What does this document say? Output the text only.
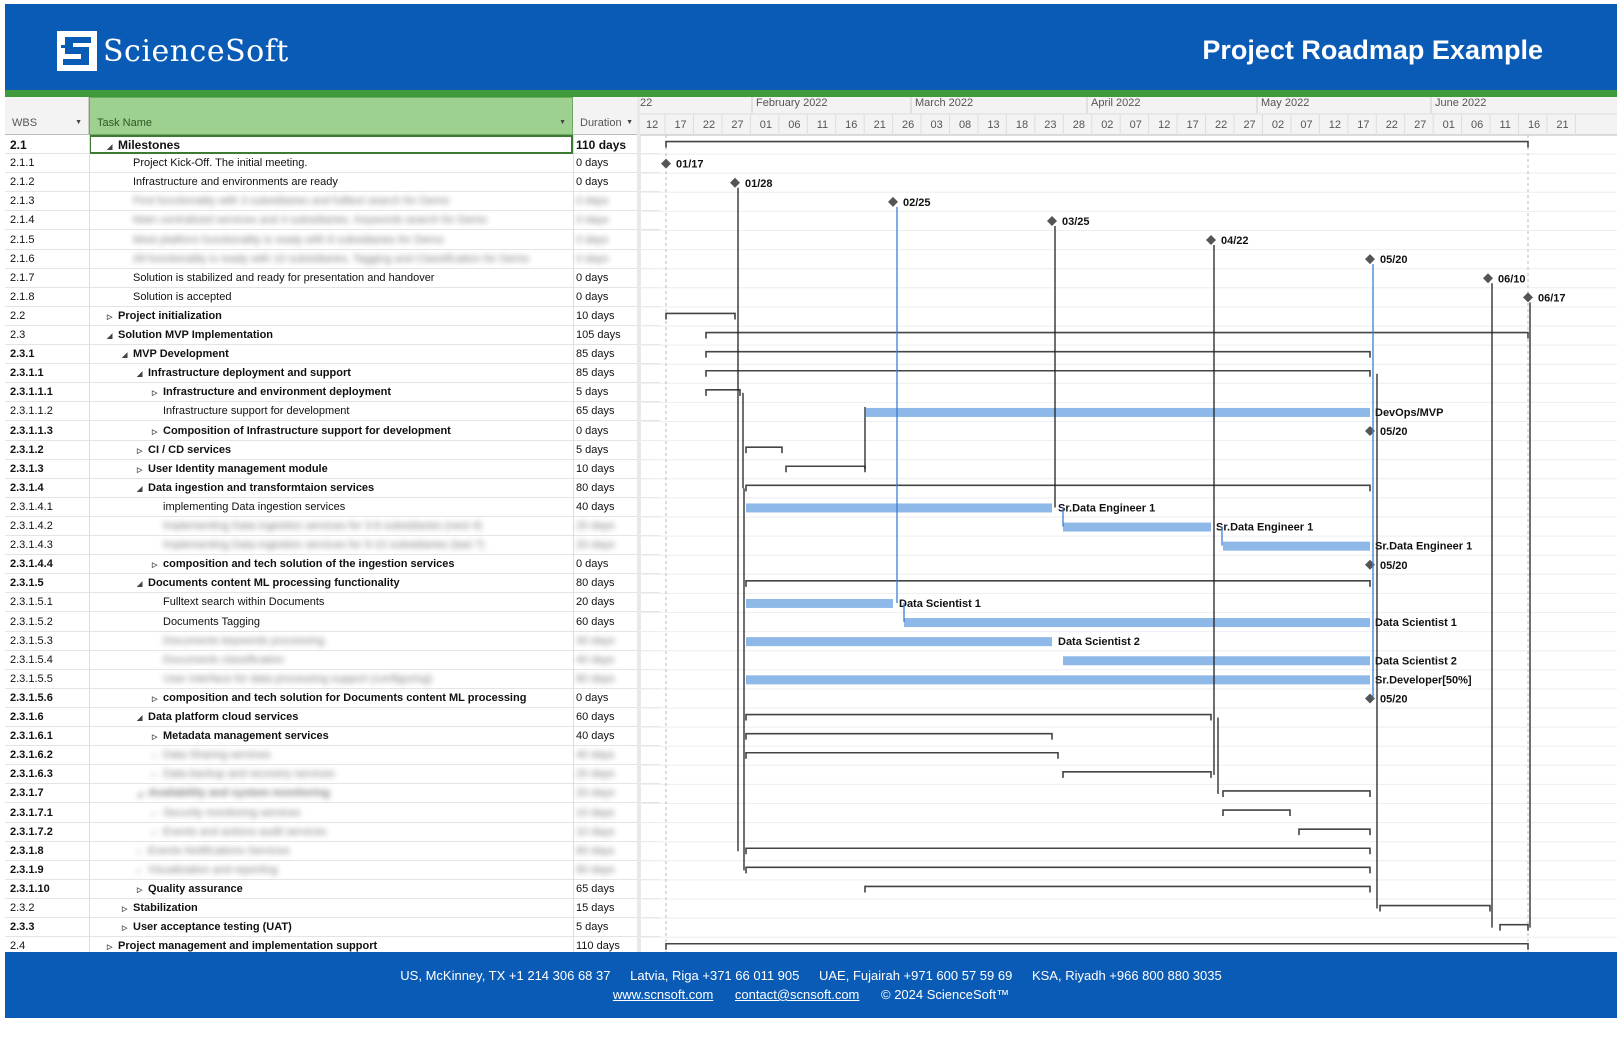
ScienceSoft	Project Roadmap Example
WBS	▼ Task Name	▼ Duration ▼
2.1	◢ Milestones	110 days
2.1.1	Project Kick-Off. The initial meeting.	0 days
2.1.2	Infrastructure and environments are ready	0 days
2.1.3	First functionality with 3 subsidiaries and fulltext search for Demo	0 days
2.1.4	Main centralized services and 4 subsidiaries. Keywords search for Demo	0 days
2.1.5	Most platform functionality is ready with 8 subsidiaries for Demo	0 days
2.1.6	All functionality is ready with 10 subsidiaries, Tagging and Classification for Demo	0 days
2.1.7	Solution is stabilized and ready for presentation and handover	0 days
2.1.8	Solution is accepted	0 days
2.2	▷ Project initialization	10 days
2.3	◢ Solution MVP Implementation	105 days
2.3.1	◢ MVP Development	85 days
2.3.1.1	◢ Infrastructure deployment and support	85 days
2.3.1.1.1	▷ Infrastructure and environment deployment	5 days
2.3.1.1.2	Infrastructure support for development	65 days
2.3.1.1.3	▷ Composition of Infrastructure support for development	0 days
2.3.1.2	▷ CI / CD services	5 days
2.3.1.3	▷ User Identity management module	10 days
2.3.1.4	◢ Data ingestion and transformtaion services	80 days
2.3.1.4.1	implementing Data ingestion services	40 days
2.3.1.4.2	Implementing Data ingestion services for 3-8 subsidiaries (next 4)	20 days
2.3.1.4.3	Implementing Data ingestion services for 9-10 subsidiaries (last 7)	20 days
2.3.1.4.4	▷ composition and tech solution of the ingestion services	0 days
2.3.1.5	◢ Documents content ML processing functionality	80 days
2.3.1.5.1	Fulltext search within Documents	20 days
2.3.1.5.2	Documents Tagging	60 days
2.3.1.5.3	Documents keywords processing	40 days
2.3.1.5.4	Documents classification	40 days
2.3.1.5.5	User interface for data processing support (configuring)	80 days
2.3.1.5.6	▷ composition and tech solution for Documents content ML processing	0 days
2.3.1.6	◢ Data platform cloud services	60 days
2.3.1.6.1	▷ Metadata management services	40 days
2.3.1.6.2	▷ Data Sharing services	40 days
2.3.1.6.3	▷ Data backup and recovery services	20 days
2.3.1.7	◢ Availability and system monitoring	20 days
2.3.1.7.1	▷ Security monitoring services	10 days
2.3.1.7.2	▷ Events and actions audit services	10 days
2.3.1.8	▷ Events Notifications Services	80 days
2.3.1.9	▷ Visualization and reporting	80 days
2.3.1.10	▷ Quality assurance	65 days
2.3.2	▷ Stabilization	15 days
2.3.3	▷ User acceptance testing (UAT)	5 days
2.4	▷ Project management and implementation support	110 days
22	February 2022	March 2022	April 2022	May 2022	June 2022
12 17 22 27 01 06 11 16 21 26 03 08 13 18 23 28 02 07 12 17 22 27 02 07 12 17 22 27 01 06 11 16 21
01/17
01/28
02/25
03/25
04/22
05/20
06/10
06/17
DevOps/MVP
05/20
Sr.Data Engineer 1
Sr.Data Engineer 1
Sr.Data Engineer 1
05/20
Data Scientist 1
Data Scientist 1
Data Scientist 2
Data Scientist 2
Sr.Developer[50%]
05/20
US, McKinney, TX +1 214 306 68 37 Latvia, Riga +371 66 011 905 UAE, Fujairah +971 600 57 59 69 KSA, Riyadh +966 800 880 3035
www.scnsoft.com contact@scnsoft.com © 2024 ScienceSoft™
